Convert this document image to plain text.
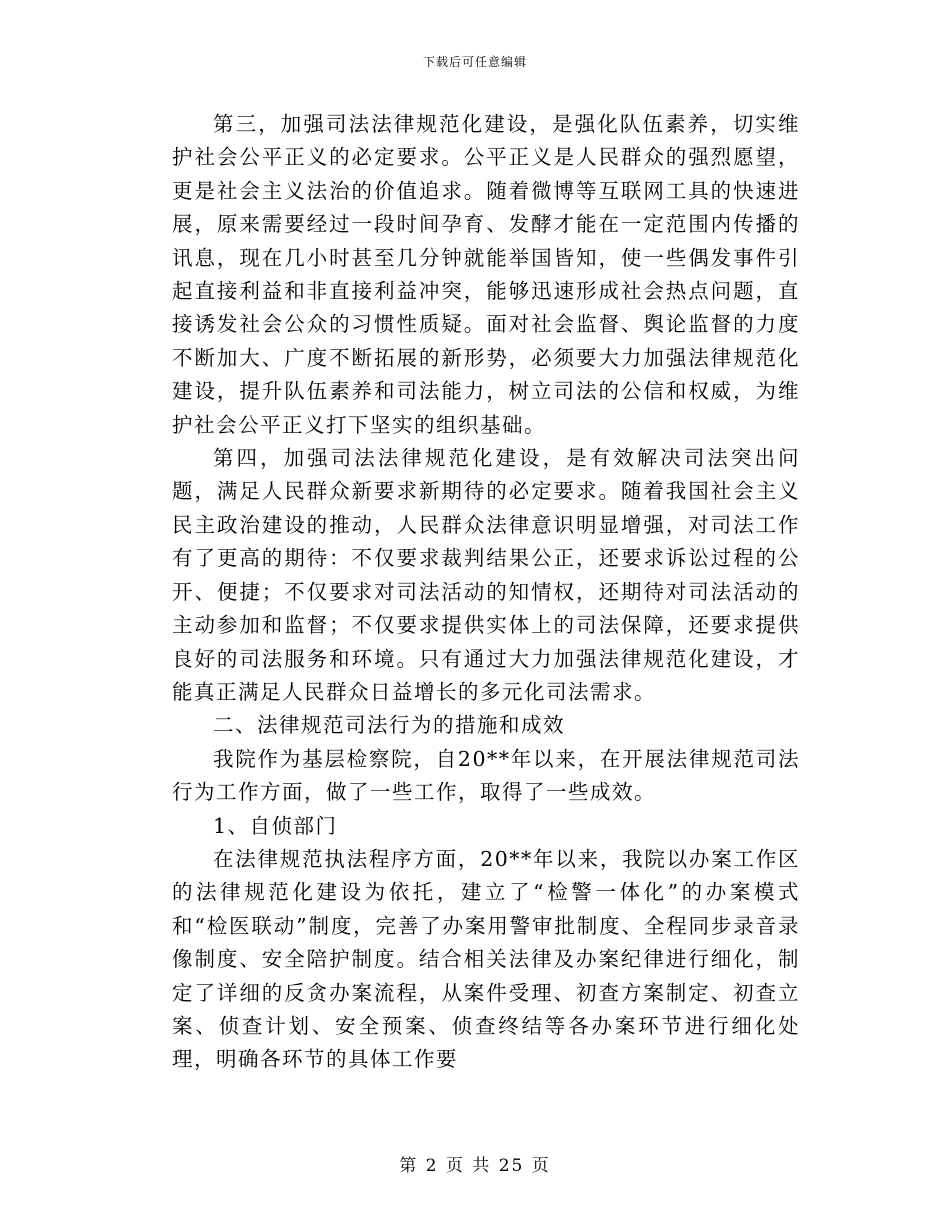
下载后可任意编辑

第三，加强司法法律规范化建设，是强化队伍素养，切实维护社会公平正义的必定要求。公平正义是人民群众的强烈愿望，更是社会主义法治的价值追求。随着微博等互联网工具的快速进展，原来需要经过一段时间孕育、发酵才能在一定范围内传播的讯息，现在几小时甚至几分钟就能举国皆知，使一些偶发事件引起直接利益和非直接利益冲突，能够迅速形成社会热点问题，直接诱发社会公众的习惯性质疑。面对社会监督、舆论监督的力度不断加大、广度不断拓展的新形势，必须要大力加强法律规范化建设，提升队伍素养和司法能力，树立司法的公信和权威，为维护社会公平正义打下坚实的组织基础。

第四，加强司法法律规范化建设，是有效解决司法突出问题，满足人民群众新要求新期待的必定要求。随着我国社会主义民主政治建设的推动，人民群众法律意识明显增强，对司法工作有了更高的期待：不仅要求裁判结果公正，还要求诉讼过程的公开、便捷；不仅要求对司法活动的知情权，还期待对司法活动的主动参加和监督；不仅要求提供实体上的司法保障，还要求提供良好的司法服务和环境。只有通过大力加强法律规范化建设，才能真正满足人民群众日益增长的多元化司法需求。

二、法律规范司法行为的措施和成效

我院作为基层检察院，自20**年以来，在开展法律规范司法行为工作方面，做了一些工作，取得了一些成效。

1、自侦部门

在法律规范执法程序方面，20**年以来，我院以办案工作区的法律规范化建设为依托，建立了“检警一体化”的办案模式和“检医联动”制度，完善了办案用警审批制度、全程同步录音录像制度、安全陪护制度。结合相关法律及办案纪律进行细化，制定了详细的反贪办案流程，从案件受理、初查方案制定、初查立案、侦查计划、安全预案、侦查终结等各办案环节进行细化处理，明确各环节的具体工作要

第 2 页 共 25 页
